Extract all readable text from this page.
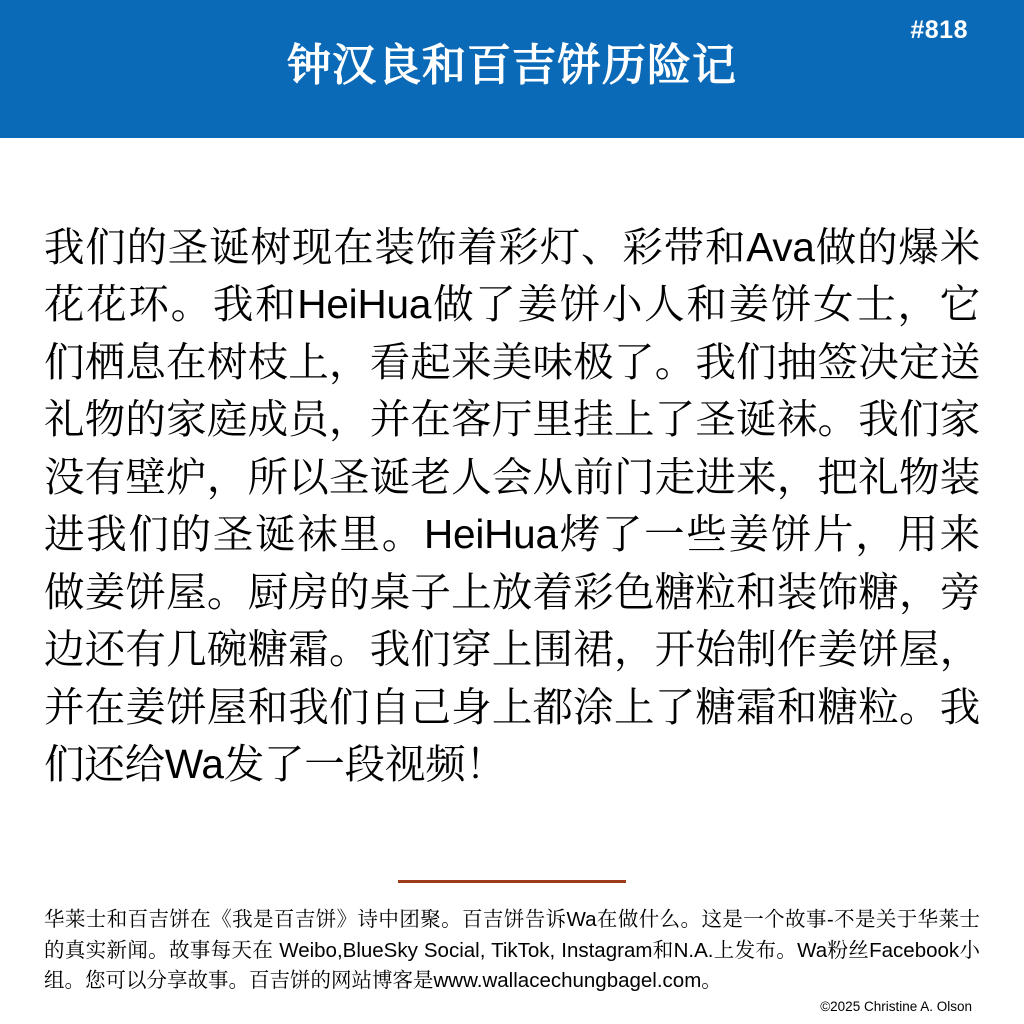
#818
钟汉良和百吉饼历险记

我们的圣诞树现在装饰着彩灯、彩带和Ava做的爆米花花环。我和HeiHua做了姜饼小人和姜饼女士，它们栖息在树枝上，看起来美味极了。我们抽签决定送礼物的家庭成员，并在客厅里挂上了圣诞袜。我们家没有壁炉，所以圣诞老人会从前门走进来，把礼物装进我们的圣诞袜里。HeiHua烤了一些姜饼片，用来做姜饼屋。厨房的桌子上放着彩色糖粒和装饰糖，旁边还有几碗糖霜。我们穿上围裙，开始制作姜饼屋，并在姜饼屋和我们自己身上都涂上了糖霜和糖粒。我们还给Wa发了一段视频！

华莱士和百吉饼在《我是百吉饼》诗中团聚。百吉饼告诉Wa在做什么。这是一个故事-不是关于华莱士的真实新闻。故事每天在 Weibo,BlueSky Social, TikTok, Instagram和N.A.上发布。Wa粉丝Facebook小组。您可以分享故事。百吉饼的网站博客是www.wallacechungbagel.com。
©2025 Christine A. Olson
